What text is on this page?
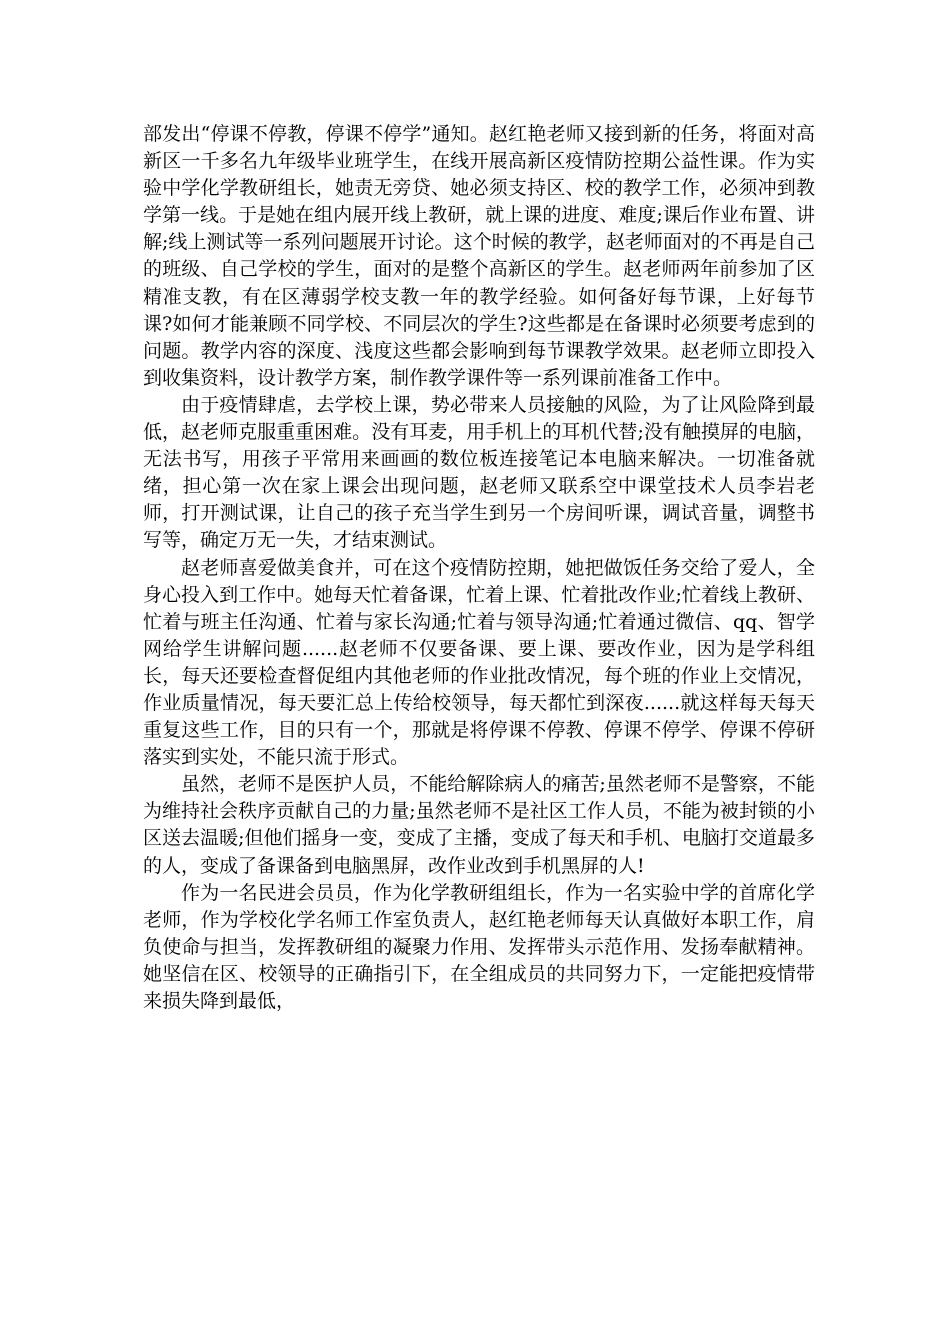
部发出“停课不停教，停课不停学”通知。赵红艳老师又接到新的任务，将面对高新区一千多名九年级毕业班学生，在线开展高新区疫情防控期公益性课。作为实验中学化学教研组长，她责无旁贷、她必须支持区、校的教学工作，必须冲到教学第一线。于是她在组内展开线上教研，就上课的进度、难度;课后作业布置、讲解;线上测试等一系列问题展开讨论。这个时候的教学，赵老师面对的不再是自己的班级、自己学校的学生，面对的是整个高新区的学生。赵老师两年前参加了区精准支教，有在区薄弱学校支教一年的教学经验。如何备好每节课，上好每节课?如何才能兼顾不同学校、不同层次的学生?这些都是在备课时必须要考虑到的问题。教学内容的深度、浅度这些都会影响到每节课教学效果。赵老师立即投入到收集资料，设计教学方案，制作教学课件等一系列课前准备工作中。

由于疫情肆虐，去学校上课，势必带来人员接触的风险，为了让风险降到最低，赵老师克服重重困难。没有耳麦，用手机上的耳机代替;没有触摸屏的电脑，无法书写，用孩子平常用来画画的数位板连接笔记本电脑来解决。一切准备就绪，担心第一次在家上课会出现问题，赵老师又联系空中课堂技术人员李岩老师，打开测试课，让自己的孩子充当学生到另一个房间听课，调试音量，调整书写等，确定万无一失，才结束测试。

赵老师喜爱做美食并，可在这个疫情防控期，她把做饭任务交给了爱人，全身心投入到工作中。她每天忙着备课，忙着上课、忙着批改作业;忙着线上教研、忙着与班主任沟通、忙着与家长沟通;忙着与领导沟通;忙着通过微信、qq、智学网给学生讲解问题......赵老师不仅要备课、要上课、要改作业，因为是学科组长，每天还要检查督促组内其他老师的作业批改情况，每个班的作业上交情况，作业质量情况，每天要汇总上传给校领导，每天都忙到深夜......就这样每天每天重复这些工作，目的只有一个，那就是将停课不停教、停课不停学、停课不停研落实到实处，不能只流于形式。

虽然，老师不是医护人员，不能给解除病人的痛苦;虽然老师不是警察，不能为维持社会秩序贡献自己的力量;虽然老师不是社区工作人员，不能为被封锁的小区送去温暖;但他们摇身一变，变成了主播，变成了每天和手机、电脑打交道最多的人，变成了备课备到电脑黑屏，改作业改到手机黑屏的人!

作为一名民进会员员，作为化学教研组组长，作为一名实验中学的首席化学老师，作为学校化学名师工作室负责人，赵红艳老师每天认真做好本职工作，肩负使命与担当，发挥教研组的凝聚力作用、发挥带头示范作用、发扬奉献精神。她坚信在区、校领导的正确指引下，在全组成员的共同努力下，一定能把疫情带来损失降到最低，
